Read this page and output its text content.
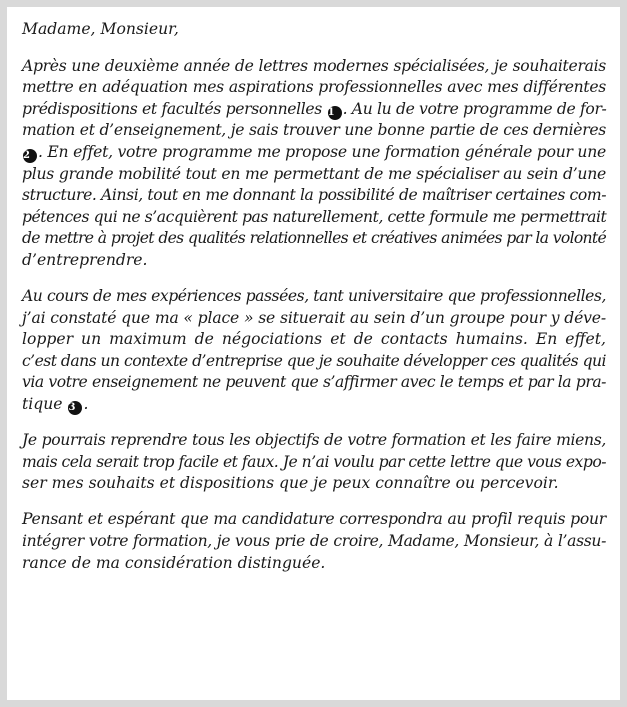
Madame, Monsieur,

Après une deuxième année de lettres modernes spécialisées, je souhaiterais
mettre en adéquation mes aspirations professionnelles avec mes différentes
prédispositions et facultés personnelles 1 . Au lu de votre programme de for-
mation et d’enseignement, je sais trouver une bonne partie de ces dernières
2 . En effet, votre programme me propose une formation générale pour une
plus grande mobilité tout en me permettant de me spécialiser au sein d’une
structure. Ainsi, tout en me donnant la possibilité de maîtriser certaines com-
pétences qui ne s’acquièrent pas naturellement, cette formule me permettrait
de mettre à projet des qualités relationnelles et créatives animées par la volonté
d’entreprendre.

Au cours de mes expériences passées, tant universitaire que professionnelles,
j’ai constaté que ma « place » se situerait au sein d’un groupe pour y déve-
lopper un maximum de négociations et de contacts humains. En effet,
c’est dans un contexte d’entreprise que je souhaite développer ces qualités qui
via votre enseignement ne peuvent que s’affirmer avec le temps et par la pra-
tique 3 .

Je pourrais reprendre tous les objectifs de votre formation et les faire miens,
mais cela serait trop facile et faux. Je n’ai voulu par cette lettre que vous expo-
ser mes souhaits et dispositions que je peux connaître ou percevoir.

Pensant et espérant que ma candidature correspondra au profil requis pour
intégrer votre formation, je vous prie de croire, Madame, Monsieur, à l’assu-
rance de ma considération distinguée.
